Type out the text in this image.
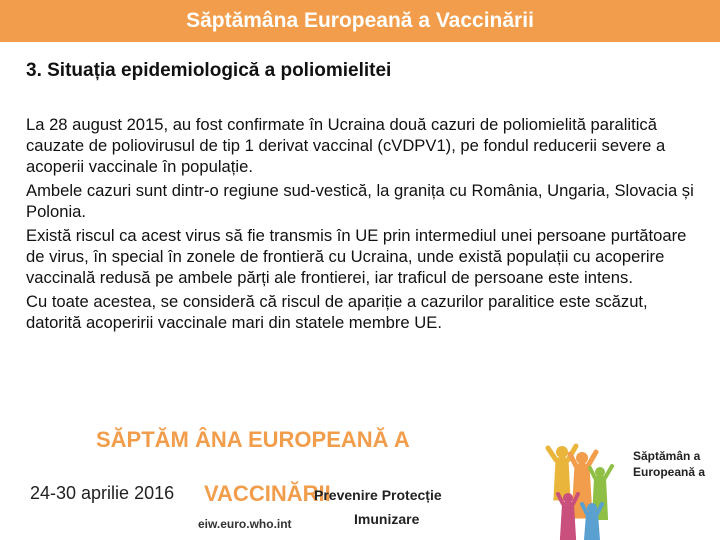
Săptămâna Europeană a Vaccinării
3. Situația epidemiologică a poliomielitei

La 28 august 2015, au fost confirmate în Ucraina două cazuri de poliomielită paralitică cauzate de poliovirusul de tip 1 derivat vaccinal (cVDPV1), pe fondul reducerii severe a acoperii vaccinale în populație.

Ambele cazuri sunt dintr-o regiune sud-vestică, la granița cu România, Ungaria, Slovacia și Polonia.

Există riscul ca acest virus să fie transmis în UE prin intermediul unei persoane purtătoare de virus, în special în zonele de frontieră cu Ucraina, unde există populații cu acoperire vaccinală redusă pe ambele părți ale frontierei, iar traficul de persoane este intens.

Cu toate acestea, se consideră că riscul de apariție a cazurilor paralitice este scăzut, datorită acoperirii vaccinale mari din statele membre UE.

SĂPTĂM ÂNA EUROPEANĂ A
VACCINĂRII
24-30 aprilie 2016	Prevenire Protecție
Imunizare
eiw.euro.who.int
Săptămân a Europeană a
